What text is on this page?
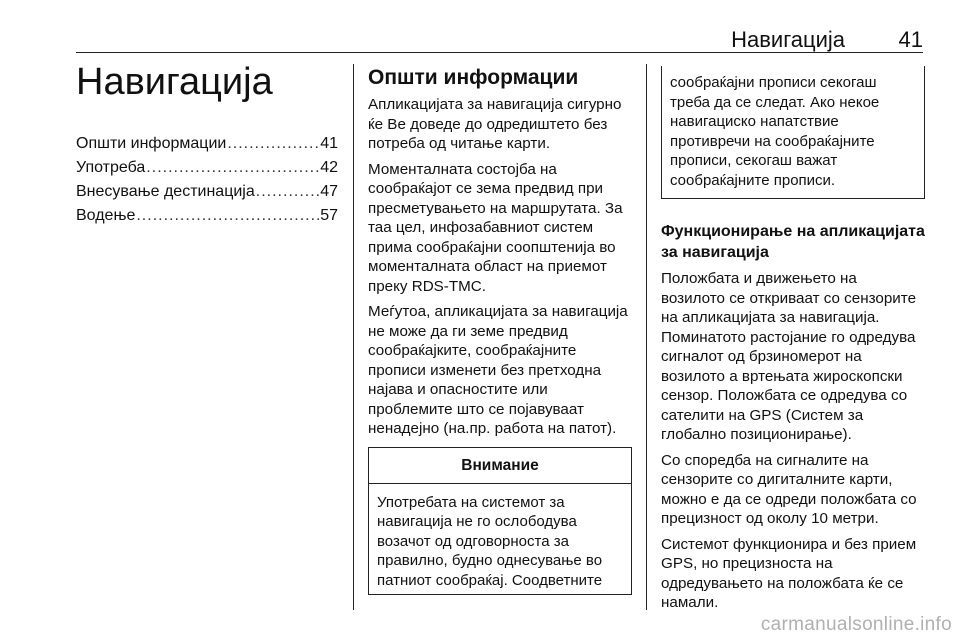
Навигација 41
Навигација
Општи информации .....	41
Употреба .....	42
Внесување дестинација .....	47
Водење .....	57
Општи информации

Апликацијата за навигација сигурно ќе Ве доведе до одредиштето без потреба од читање карти.

Моменталната состојба на сообраќајот се зема предвид при пресметувањето на маршрутата. За таа цел, инфозабавниот систем прима сообраќајни соопштенија во моменталната област на приемот преку RDS-TMC.

Меѓутоа, апликацијата за навигација не може да ги земе предвид сообраќајките, сообраќајните прописи изменети без претходна најава и опасностите или проблемите што се појавуваат ненадејно (на.пр. работа на патот).

Внимание
Употребата на системот за навигација не го ослободува возачот од одговорноста за правилно, будно однесување во патниот сообраќај. Соодветните
сообраќајни прописи секогаш треба да се следат. Ако некое навигациско напатствие противречи на сообраќајните прописи, секогаш важат сообраќајните прописи.
Функционирање на апликацијата за навигација

Положбата и движењето на возилото се откриваат со сензорите на апликацијата за навигација. Поминатото растојание го одредува сигналот од брзиномерот на возилото а вртењата жироскопски сензор. Положбата се одредува со сателити на GPS (Систем за глобално позиционирање).

Со споредба на сигналите на сензорите со дигиталните карти, можно е да се одреди положбата со прецизност од околу 10 метри.

Системот функционира и без прием GPS, но прецизноста на одредувањето на положбата ќе се намали.

carmanualsonline.info
